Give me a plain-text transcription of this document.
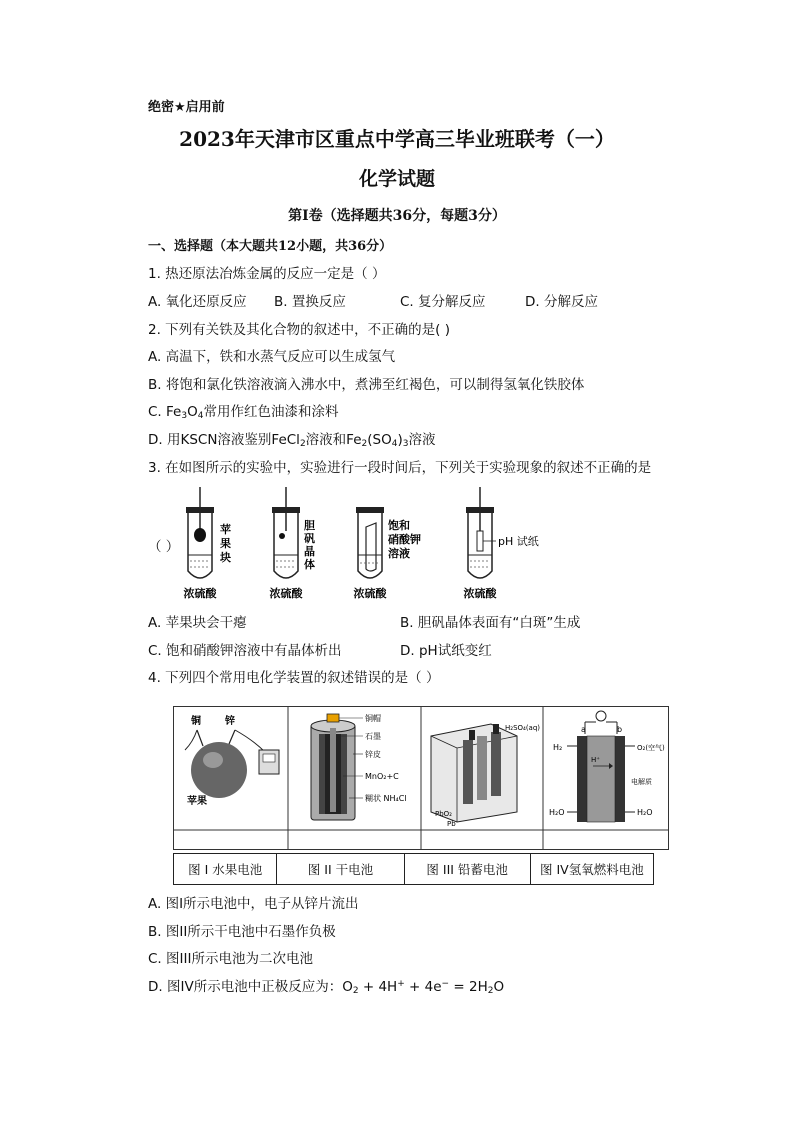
绝密★启用前
2023年天津市区重点中学高三毕业班联考（一）
化学试题
第I卷（选择题共36分，每题3分）
一、选择题（本大题共12小题，共36分）
1. 热还原法冶炼金属的反应一定是（ ）
A. 氧化还原反应 B. 置换反应	C. 复分解反应	D. 分解反应
2. 下列有关铁及其化合物的叙述中，不正确的是( )
A. 高温下，铁和水蒸气反应可以生成氢气
B. 将饱和氯化铁溶液滴入沸水中，煮沸至红褐色，可以制得氢氧化铁胶体
C. $Fe_3O_4$常用作红色油漆和涂料
D. 用KSCN溶液鉴别FeCl$_2$溶液和$Fe_2(SO_4)_3$溶液
3. 在如图所示的实验中，实验进行一段时间后，下列关于实验现象的叙述不正确的是
（ ）
苹
果
块
浓硫酸
胆
矾
晶
体
浓硫酸
饱和
硝酸钾
溶液
浓硫酸
pH 试纸
浓硫酸
A. 苹果块会干瘪	B. 胆矾晶体表面有“白斑”生成
C. 饱和硝酸钾溶液中有晶体析出	D. pH试纸变红
4. 下列四个常用电化学装置的叙述错误的是（ ）
铜 锌
苹果
铜帽
石墨
锌皮
MnO₂+C
糊状 NH₄Cl
H₂SO₄(aq)
PbO₂
Pb
a	b
H₂	O₂(空气)
H⁺
电解质
H₂O	H₂O
图 I 水果电池	图 II 干电池	图 III 铅蓄电池	图 IV氢氧燃料电池
A. 图I所示电池中，电子从锌片流出
B. 图II所示干电池中石墨作负极
C. 图III所示电池为二次电池
D. 图IV所示电池中正极反应为：$O_2 + 4H^+ + 4e^- = 2H_2O$
